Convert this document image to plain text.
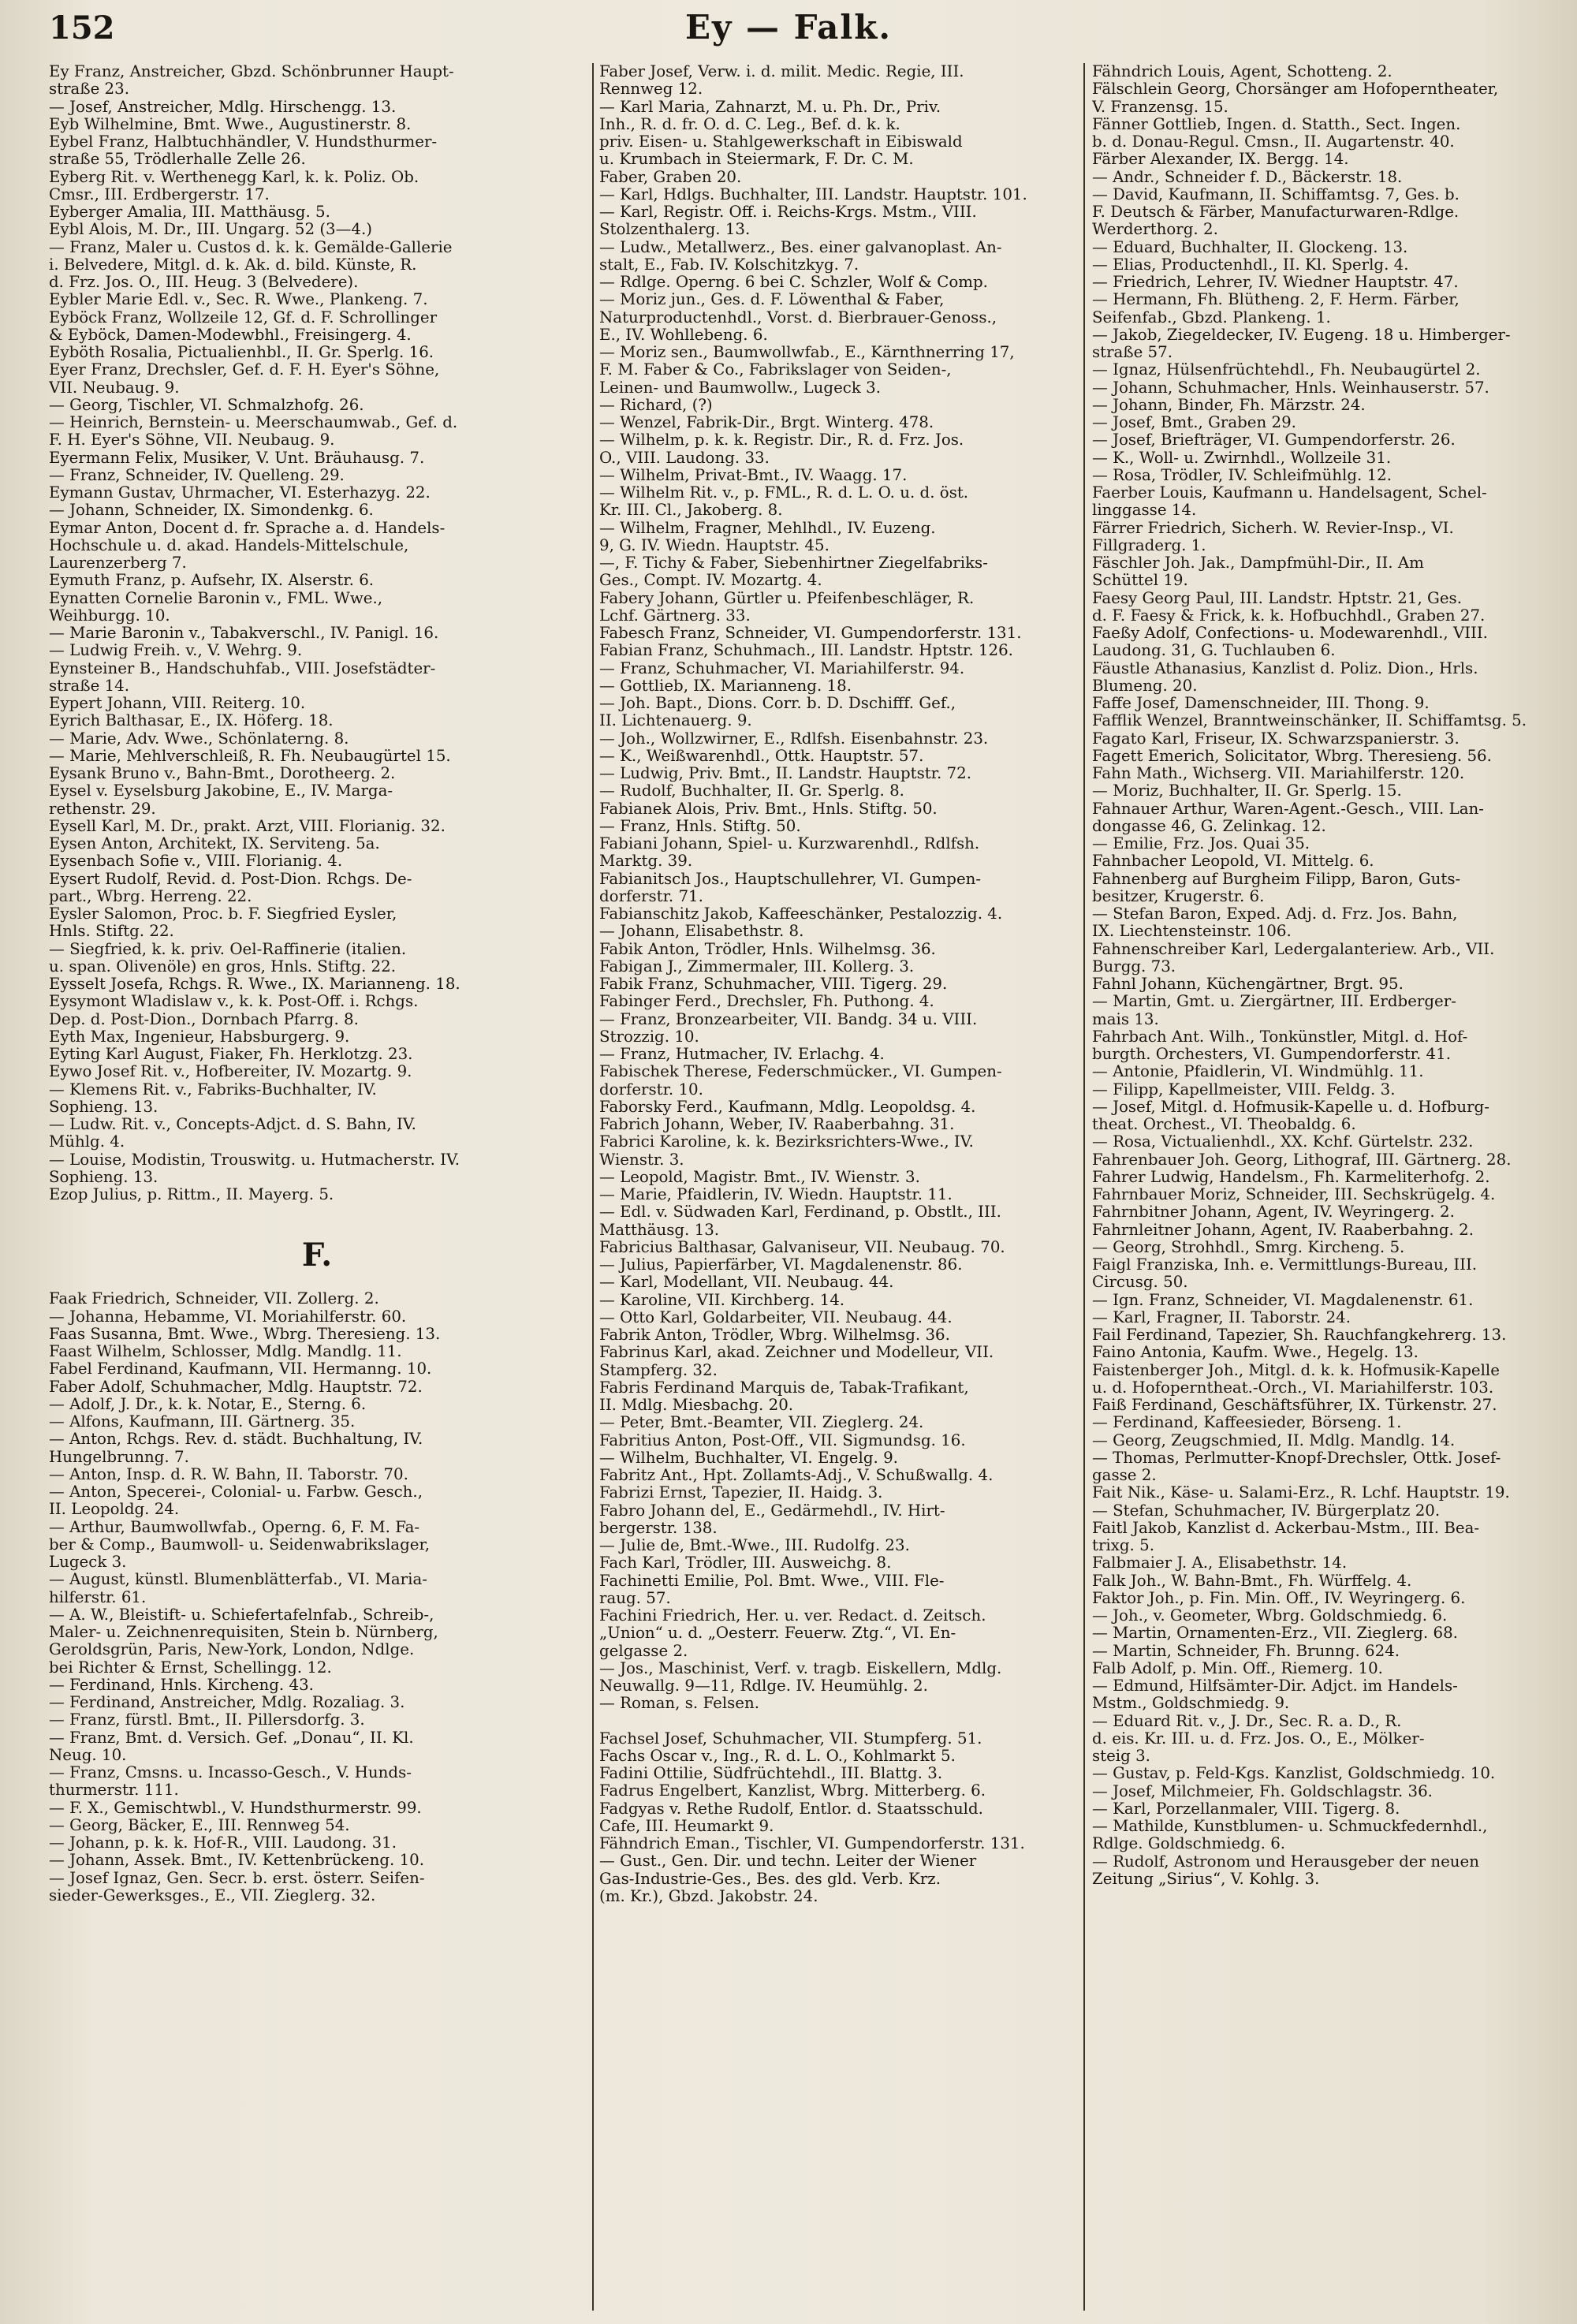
152	Ey — Falk.
Ey Franz, Anstreicher, Gbzd. Schönbrunner Haupt-
straße 23.
— Josef, Anstreicher, Mdlg. Hirschengg. 13.
Eyb Wilhelmine, Bmt. Wwe., Augustinerstr. 8.
Eybel Franz, Halbtuchhändler, V. Hundsthurmer-
straße 55, Trödlerhalle Zelle 26.
Eyberg Rit. v. Werthenegg Karl, k. k. Poliz. Ob.
Cmsr., III. Erdbergerstr. 17.
Eyberger Amalia, III. Matthäusg. 5.
Eybl Alois, M. Dr., III. Ungarg. 52 (3—4.)
— Franz, Maler u. Custos d. k. k. Gemälde-Gallerie
i. Belvedere, Mitgl. d. k. Ak. d. bild. Künste, R.
d. Frz. Jos. O., III. Heug. 3 (Belvedere).
Eybler Marie Edl. v., Sec. R. Wwe., Plankeng. 7.
Eyböck Franz, Wollzeile 12, Gf. d. F. Schrollinger
& Eyböck, Damen-Modewbhl., Freisingerg. 4.
Eyböth Rosalia, Pictualienhbl., II. Gr. Sperlg. 16.
Eyer Franz, Drechsler, Gef. d. F. H. Eyer's Söhne,
VII. Neubaug. 9.
— Georg, Tischler, VI. Schmalzhofg. 26.
— Heinrich, Bernstein- u. Meerschaumwab., Gef. d.
F. H. Eyer's Söhne, VII. Neubaug. 9.
Eyermann Felix, Musiker, V. Unt. Bräuhausg. 7.
— Franz, Schneider, IV. Quelleng. 29.
Eymann Gustav, Uhrmacher, VI. Esterhazyg. 22.
— Johann, Schneider, IX. Simondenkg. 6.
Eymar Anton, Docent d. fr. Sprache a. d. Handels-
Hochschule u. d. akad. Handels-Mittelschule,
Laurenzerberg 7.
Eymuth Franz, p. Aufsehr, IX. Alserstr. 6.
Eynatten Cornelie Baronin v., FML. Wwe.,
Weihburgg. 10.
— Marie Baronin v., Tabakverschl., IV. Panigl. 16.
— Ludwig Freih. v., V. Wehrg. 9.
Eynsteiner B., Handschuhfab., VIII. Josefstädter-
straße 14.
Eypert Johann, VIII. Reiterg. 10.
Eyrich Balthasar, E., IX. Höferg. 18.
— Marie, Adv. Wwe., Schönlaterng. 8.
— Marie, Mehlverschleiß, R. Fh. Neubaugürtel 15.
Eysank Bruno v., Bahn-Bmt., Dorotheerg. 2.
Eysel v. Eyselsburg Jakobine, E., IV. Marga-
rethenstr. 29.
Eysell Karl, M. Dr., prakt. Arzt, VIII. Florianig. 32.
Eysen Anton, Architekt, IX. Serviteng. 5a.
Eysenbach Sofie v., VIII. Florianig. 4.
Eysert Rudolf, Revid. d. Post-Dion. Rchgs. De-
part., Wbrg. Herreng. 22.
Eysler Salomon, Proc. b. F. Siegfried Eysler,
Hnls. Stiftg. 22.
— Siegfried, k. k. priv. Oel-Raffinerie (italien.
u. span. Olivenöle) en gros, Hnls. Stiftg. 22.
Eysselt Josefa, Rchgs. R. Wwe., IX. Marianneng. 18.
Eysymont Wladislaw v., k. k. Post-Off. i. Rchgs.
Dep. d. Post-Dion., Dornbach Pfarrg. 8.
Eyth Max, Ingenieur, Habsburgerg. 9.
Eyting Karl August, Fiaker, Fh. Herklotzg. 23.
Eywo Josef Rit. v., Hofbereiter, IV. Mozartg. 9.
— Klemens Rit. v., Fabriks-Buchhalter, IV.
Sophieng. 13.
— Ludw. Rit. v., Concepts-Adjct. d. S. Bahn, IV.
Mühlg. 4.
— Louise, Modistin, Trouswitg. u. Hutmacherstr. IV.
Sophieng. 13.
Ezop Julius, p. Rittm., II. Mayerg. 5.
F.
Faak Friedrich, Schneider, VII. Zollerg. 2.
— Johanna, Hebamme, VI. Moriahilferstr. 60.
Faas Susanna, Bmt. Wwe., Wbrg. Theresieng. 13.
Faast Wilhelm, Schlosser, Mdlg. Mandlg. 11.
Fabel Ferdinand, Kaufmann, VII. Hermanng. 10.
Faber Adolf, Schuhmacher, Mdlg. Hauptstr. 72.
— Adolf, J. Dr., k. k. Notar, E., Sterng. 6.
— Alfons, Kaufmann, III. Gärtnerg. 35.
— Anton, Rchgs. Rev. d. städt. Buchhaltung, IV.
Hungelbrunng. 7.
— Anton, Insp. d. R. W. Bahn, II. Taborstr. 70.
— Anton, Specerei-, Colonial- u. Farbw. Gesch.,
II. Leopoldg. 24.
— Arthur, Baumwollwfab., Operng. 6, F. M. Fa-
ber & Comp., Baumwoll- u. Seidenwabrikslager,
Lugeck 3.
— August, künstl. Blumenblätterfab., VI. Maria-
hilferstr. 61.
— A. W., Bleistift- u. Schiefertafelnfab., Schreib-,
Maler- u. Zeichnenrequisiten, Stein b. Nürnberg,
Geroldsgrün, Paris, New-York, London, Ndlge.
bei Richter & Ernst, Schellingg. 12.
— Ferdinand, Hnls. Kircheng. 43.
— Ferdinand, Anstreicher, Mdlg. Rozaliag. 3.
— Franz, fürstl. Bmt., II. Pillersdorfg. 3.
— Franz, Bmt. d. Versich. Gef. „Donau“, II. Kl.
Neug. 10.
— Franz, Cmsns. u. Incasso-Gesch., V. Hunds-
thurmerstr. 111.
— F. X., Gemischtwbl., V. Hundsthurmerstr. 99.
— Georg, Bäcker, E., III. Rennweg 54.
— Johann, p. k. k. Hof-R., VIII. Laudong. 31.
— Johann, Assek. Bmt., IV. Kettenbrückeng. 10.
— Josef Ignaz, Gen. Secr. b. erst. österr. Seifen-
sieder-Gewerksges., E., VII. Zieglerg. 32.
Faber Josef, Verw. i. d. milit. Medic. Regie, III.
Rennweg 12.
— Karl Maria, Zahnarzt, M. u. Ph. Dr., Priv.
Inh., R. d. fr. O. d. C. Leg., Bef. d. k. k.
priv. Eisen- u. Stahlgewerkschaft in Eibiswald
u. Krumbach in Steiermark, F. Dr. C. M.
Faber, Graben 20.
— Karl, Hdlgs. Buchhalter, III. Landstr. Hauptstr. 101.
— Karl, Registr. Off. i. Reichs-Krgs. Mstm., VIII.
Stolzenthalerg. 13.
— Ludw., Metallwerz., Bes. einer galvanoplast. An-
stalt, E., Fab. IV. Kolschitzkyg. 7.
— Rdlge. Operng. 6 bei C. Schzler, Wolf & Comp.
— Moriz jun., Ges. d. F. Löwenthal & Faber,
Naturproductenhdl., Vorst. d. Bierbrauer-Genoss.,
E., IV. Wohllebeng. 6.
— Moriz sen., Baumwollwfab., E., Kärnthnerring 17,
F. M. Faber & Co., Fabrikslager von Seiden-,
Leinen- und Baumwollw., Lugeck 3.
— Richard, (?)
— Wenzel, Fabrik-Dir., Brgt. Winterg. 478.
— Wilhelm, p. k. k. Registr. Dir., R. d. Frz. Jos.
O., VIII. Laudong. 33.
— Wilhelm, Privat-Bmt., IV. Waagg. 17.
— Wilhelm Rit. v., p. FML., R. d. L. O. u. d. öst.
Kr. III. Cl., Jakoberg. 8.
— Wilhelm, Fragner, Mehlhdl., IV. Euzeng.
9, G. IV. Wiedn. Hauptstr. 45.
—, F. Tichy & Faber, Siebenhirtner Ziegelfabriks-
Ges., Compt. IV. Mozartg. 4.
Fabery Johann, Gürtler u. Pfeifenbeschläger, R.
Lchf. Gärtnerg. 33.
Fabesch Franz, Schneider, VI. Gumpendorferstr. 131.
Fabian Franz, Schuhmach., III. Landstr. Hptstr. 126.
— Franz, Schuhmacher, VI. Mariahilferstr. 94.
— Gottlieb, IX. Marianneng. 18.
— Joh. Bapt., Dions. Corr. b. D. Dschifff. Gef.,
II. Lichtenauerg. 9.
— Joh., Wollzwirner, E., Rdlfsh. Eisenbahnstr. 23.
— K., Weißwarenhdl., Ottk. Hauptstr. 57.
— Ludwig, Priv. Bmt., II. Landstr. Hauptstr. 72.
— Rudolf, Buchhalter, II. Gr. Sperlg. 8.
Fabianek Alois, Priv. Bmt., Hnls. Stiftg. 50.
— Franz, Hnls. Stiftg. 50.
Fabiani Johann, Spiel- u. Kurzwarenhdl., Rdlfsh.
Marktg. 39.
Fabianitsch Jos., Hauptschullehrer, VI. Gumpen-
dorferstr. 71.
Fabianschitz Jakob, Kaffeeschänker, Pestalozzig. 4.
— Johann, Elisabethstr. 8.
Fabik Anton, Trödler, Hnls. Wilhelmsg. 36.
Fabigan J., Zimmermaler, III. Kollerg. 3.
Fabik Franz, Schuhmacher, VIII. Tigerg. 29.
Fabinger Ferd., Drechsler, Fh. Puthong. 4.
— Franz, Bronzearbeiter, VII. Bandg. 34 u. VIII.
Strozzig. 10.
— Franz, Hutmacher, IV. Erlachg. 4.
Fabischek Therese, Federschmücker., VI. Gumpen-
dorferstr. 10.
Faborsky Ferd., Kaufmann, Mdlg. Leopoldsg. 4.
Fabrich Johann, Weber, IV. Raaberbahng. 31.
Fabrici Karoline, k. k. Bezirksrichters-Wwe., IV.
Wienstr. 3.
— Leopold, Magistr. Bmt., IV. Wienstr. 3.
— Marie, Pfaidlerin, IV. Wiedn. Hauptstr. 11.
— Edl. v. Südwaden Karl, Ferdinand, p. Obstlt., III.
Matthäusg. 13.
Fabricius Balthasar, Galvaniseur, VII. Neubaug. 70.
— Julius, Papierfärber, VI. Magdalenenstr. 86.
— Karl, Modellant, VII. Neubaug. 44.
— Karoline, VII. Kirchberg. 14.
— Otto Karl, Goldarbeiter, VII. Neubaug. 44.
Fabrik Anton, Trödler, Wbrg. Wilhelmsg. 36.
Fabrinus Karl, akad. Zeichner und Modelleur, VII.
Stampferg. 32.
Fabris Ferdinand Marquis de, Tabak-Trafikant,
II. Mdlg. Miesbachg. 20.
— Peter, Bmt.-Beamter, VII. Zieglerg. 24.
Fabritius Anton, Post-Off., VII. Sigmundsg. 16.
— Wilhelm, Buchhalter, VI. Engelg. 9.
Fabritz Ant., Hpt. Zollamts-Adj., V. Schußwallg. 4.
Fabrizi Ernst, Tapezier, II. Haidg. 3.
Fabro Johann del, E., Gedärmehdl., IV. Hirt-
bergerstr. 138.
— Julie de, Bmt.-Wwe., III. Rudolfg. 23.
Fach Karl, Trödler, III. Ausweichg. 8.
Fachinetti Emilie, Pol. Bmt. Wwe., VIII. Fle-
raug. 57.
Fachini Friedrich, Her. u. ver. Redact. d. Zeitsch.
„Union“ u. d. „Oesterr. Feuerw. Ztg.“, VI. En-
gelgasse 2.
— Jos., Maschinist, Verf. v. tragb. Eiskellern, Mdlg.
Neuwallg. 9—11, Rdlge. IV. Heumühlg. 2.
— Roman, s. Felsen.
Fachsel Josef, Schuhmacher, VII. Stumpferg. 51.
Fachs Oscar v., Ing., R. d. L. O., Kohlmarkt 5.
Fadini Ottilie, Südfrüchtehdl., III. Blattg. 3.
Fadrus Engelbert, Kanzlist, Wbrg. Mitterberg. 6.
Fadgyas v. Rethe Rudolf, Entlor. d. Staatsschuld.
Cafe, III. Heumarkt 9.
Fähndrich Eman., Tischler, VI. Gumpendorferstr. 131.
— Gust., Gen. Dir. und techn. Leiter der Wiener
Gas-Industrie-Ges., Bes. des gld. Verb. Krz.
(m. Kr.), Gbzd. Jakobstr. 24.
Fähndrich Louis, Agent, Schotteng. 2.
Fälschlein Georg, Chorsänger am Hofoperntheater,
V. Franzensg. 15.
Fänner Gottlieb, Ingen. d. Statth., Sect. Ingen.
b. d. Donau-Regul. Cmsn., II. Augartenstr. 40.
Färber Alexander, IX. Bergg. 14.
— Andr., Schneider f. D., Bäckerstr. 18.
— David, Kaufmann, II. Schiffamtsg. 7, Ges. b.
F. Deutsch & Färber, Manufacturwaren-Rdlge.
Werderthorg. 2.
— Eduard, Buchhalter, II. Glockeng. 13.
— Elias, Productenhdl., II. Kl. Sperlg. 4.
— Friedrich, Lehrer, IV. Wiedner Hauptstr. 47.
— Hermann, Fh. Blütheng. 2, F. Herm. Färber,
Seifenfab., Gbzd. Plankeng. 1.
— Jakob, Ziegeldecker, IV. Eugeng. 18 u. Himberger-
straße 57.
— Ignaz, Hülsenfrüchtehdl., Fh. Neubaugürtel 2.
— Johann, Schuhmacher, Hnls. Weinhauserstr. 57.
— Johann, Binder, Fh. Märzstr. 24.
— Josef, Bmt., Graben 29.
— Josef, Briefträger, VI. Gumpendorferstr. 26.
— K., Woll- u. Zwirnhdl., Wollzeile 31.
— Rosa, Trödler, IV. Schleifmühlg. 12.
Faerber Louis, Kaufmann u. Handelsagent, Schel-
linggasse 14.
Färrer Friedrich, Sicherh. W. Revier-Insp., VI.
Fillgraderg. 1.
Fäschler Joh. Jak., Dampfmühl-Dir., II. Am
Schüttel 19.
Faesy Georg Paul, III. Landstr. Hptstr. 21, Ges.
d. F. Faesy & Frick, k. k. Hofbuchhdl., Graben 27.
Faeßy Adolf, Confections- u. Modewarenhdl., VIII.
Laudong. 31, G. Tuchlauben 6.
Fäustle Athanasius, Kanzlist d. Poliz. Dion., Hrls.
Blumeng. 20.
Faffe Josef, Damenschneider, III. Thong. 9.
Fafflik Wenzel, Branntweinschänker, II. Schiffamtsg. 5.
Fagato Karl, Friseur, IX. Schwarzspanierstr. 3.
Fagett Emerich, Solicitator, Wbrg. Theresieng. 56.
Fahn Math., Wichserg. VII. Mariahilferstr. 120.
— Moriz, Buchhalter, II. Gr. Sperlg. 15.
Fahnauer Arthur, Waren-Agent.-Gesch., VIII. Lan-
dongasse 46, G. Zelinkag. 12.
— Emilie, Frz. Jos. Quai 35.
Fahnbacher Leopold, VI. Mittelg. 6.
Fahnenberg auf Burgheim Filipp, Baron, Guts-
besitzer, Krugerstr. 6.
— Stefan Baron, Exped. Adj. d. Frz. Jos. Bahn,
IX. Liechtensteinstr. 106.
Fahnenschreiber Karl, Ledergalanteriew. Arb., VII.
Burgg. 73.
Fahnl Johann, Küchengärtner, Brgt. 95.
— Martin, Gmt. u. Ziergärtner, III. Erdberger-
mais 13.
Fahrbach Ant. Wilh., Tonkünstler, Mitgl. d. Hof-
burgth. Orchesters, VI. Gumpendorferstr. 41.
— Antonie, Pfaidlerin, VI. Windmühlg. 11.
— Filipp, Kapellmeister, VIII. Feldg. 3.
— Josef, Mitgl. d. Hofmusik-Kapelle u. d. Hofburg-
theat. Orchest., VI. Theobaldg. 6.
— Rosa, Victualienhdl., XX. Kchf. Gürtelstr. 232.
Fahrenbauer Joh. Georg, Lithograf, III. Gärtnerg. 28.
Fahrer Ludwig, Handelsm., Fh. Karmeliterhofg. 2.
Fahrnbauer Moriz, Schneider, III. Sechskrügelg. 4.
Fahrnbitner Johann, Agent, IV. Weyringerg. 2.
Fahrnleitner Johann, Agent, IV. Raaberbahng. 2.
— Georg, Strohhdl., Smrg. Kircheng. 5.
Faigl Franziska, Inh. e. Vermittlungs-Bureau, III.
Circusg. 50.
— Ign. Franz, Schneider, VI. Magdalenenstr. 61.
— Karl, Fragner, II. Taborstr. 24.
Fail Ferdinand, Tapezier, Sh. Rauchfangkehrerg. 13.
Faino Antonia, Kaufm. Wwe., Hegelg. 13.
Faistenberger Joh., Mitgl. d. k. k. Hofmusik-Kapelle
u. d. Hofoperntheat.-Orch., VI. Mariahilferstr. 103.
Faiß Ferdinand, Geschäftsführer, IX. Türkenstr. 27.
— Ferdinand, Kaffeesieder, Börseng. 1.
— Georg, Zeugschmied, II. Mdlg. Mandlg. 14.
— Thomas, Perlmutter-Knopf-Drechsler, Ottk. Josef-
gasse 2.
Fait Nik., Käse- u. Salami-Erz., R. Lchf. Hauptstr. 19.
— Stefan, Schuhmacher, IV. Bürgerplatz 20.
Faitl Jakob, Kanzlist d. Ackerbau-Mstm., III. Bea-
trixg. 5.
Falbmaier J. A., Elisabethstr. 14.
Falk Joh., W. Bahn-Bmt., Fh. Würffelg. 4.
Faktor Joh., p. Fin. Min. Off., IV. Weyringerg. 6.
— Joh., v. Geometer, Wbrg. Goldschmiedg. 6.
— Martin, Ornamenten-Erz., VII. Zieglerg. 68.
— Martin, Schneider, Fh. Brunng. 624.
Falb Adolf, p. Min. Off., Riemerg. 10.
— Edmund, Hilfsämter-Dir. Adjct. im Handels-
Mstm., Goldschmiedg. 9.
— Eduard Rit. v., J. Dr., Sec. R. a. D., R.
d. eis. Kr. III. u. d. Frz. Jos. O., E., Mölker-
steig 3.
— Gustav, p. Feld-Kgs. Kanzlist, Goldschmiedg. 10.
— Josef, Milchmeier, Fh. Goldschlagstr. 36.
— Karl, Porzellanmaler, VIII. Tigerg. 8.
— Mathilde, Kunstblumen- u. Schmuckfedernhdl.,
Rdlge. Goldschmiedg. 6.
— Rudolf, Astronom und Herausgeber der neuen
Zeitung „Sirius“, V. Kohlg. 3.
